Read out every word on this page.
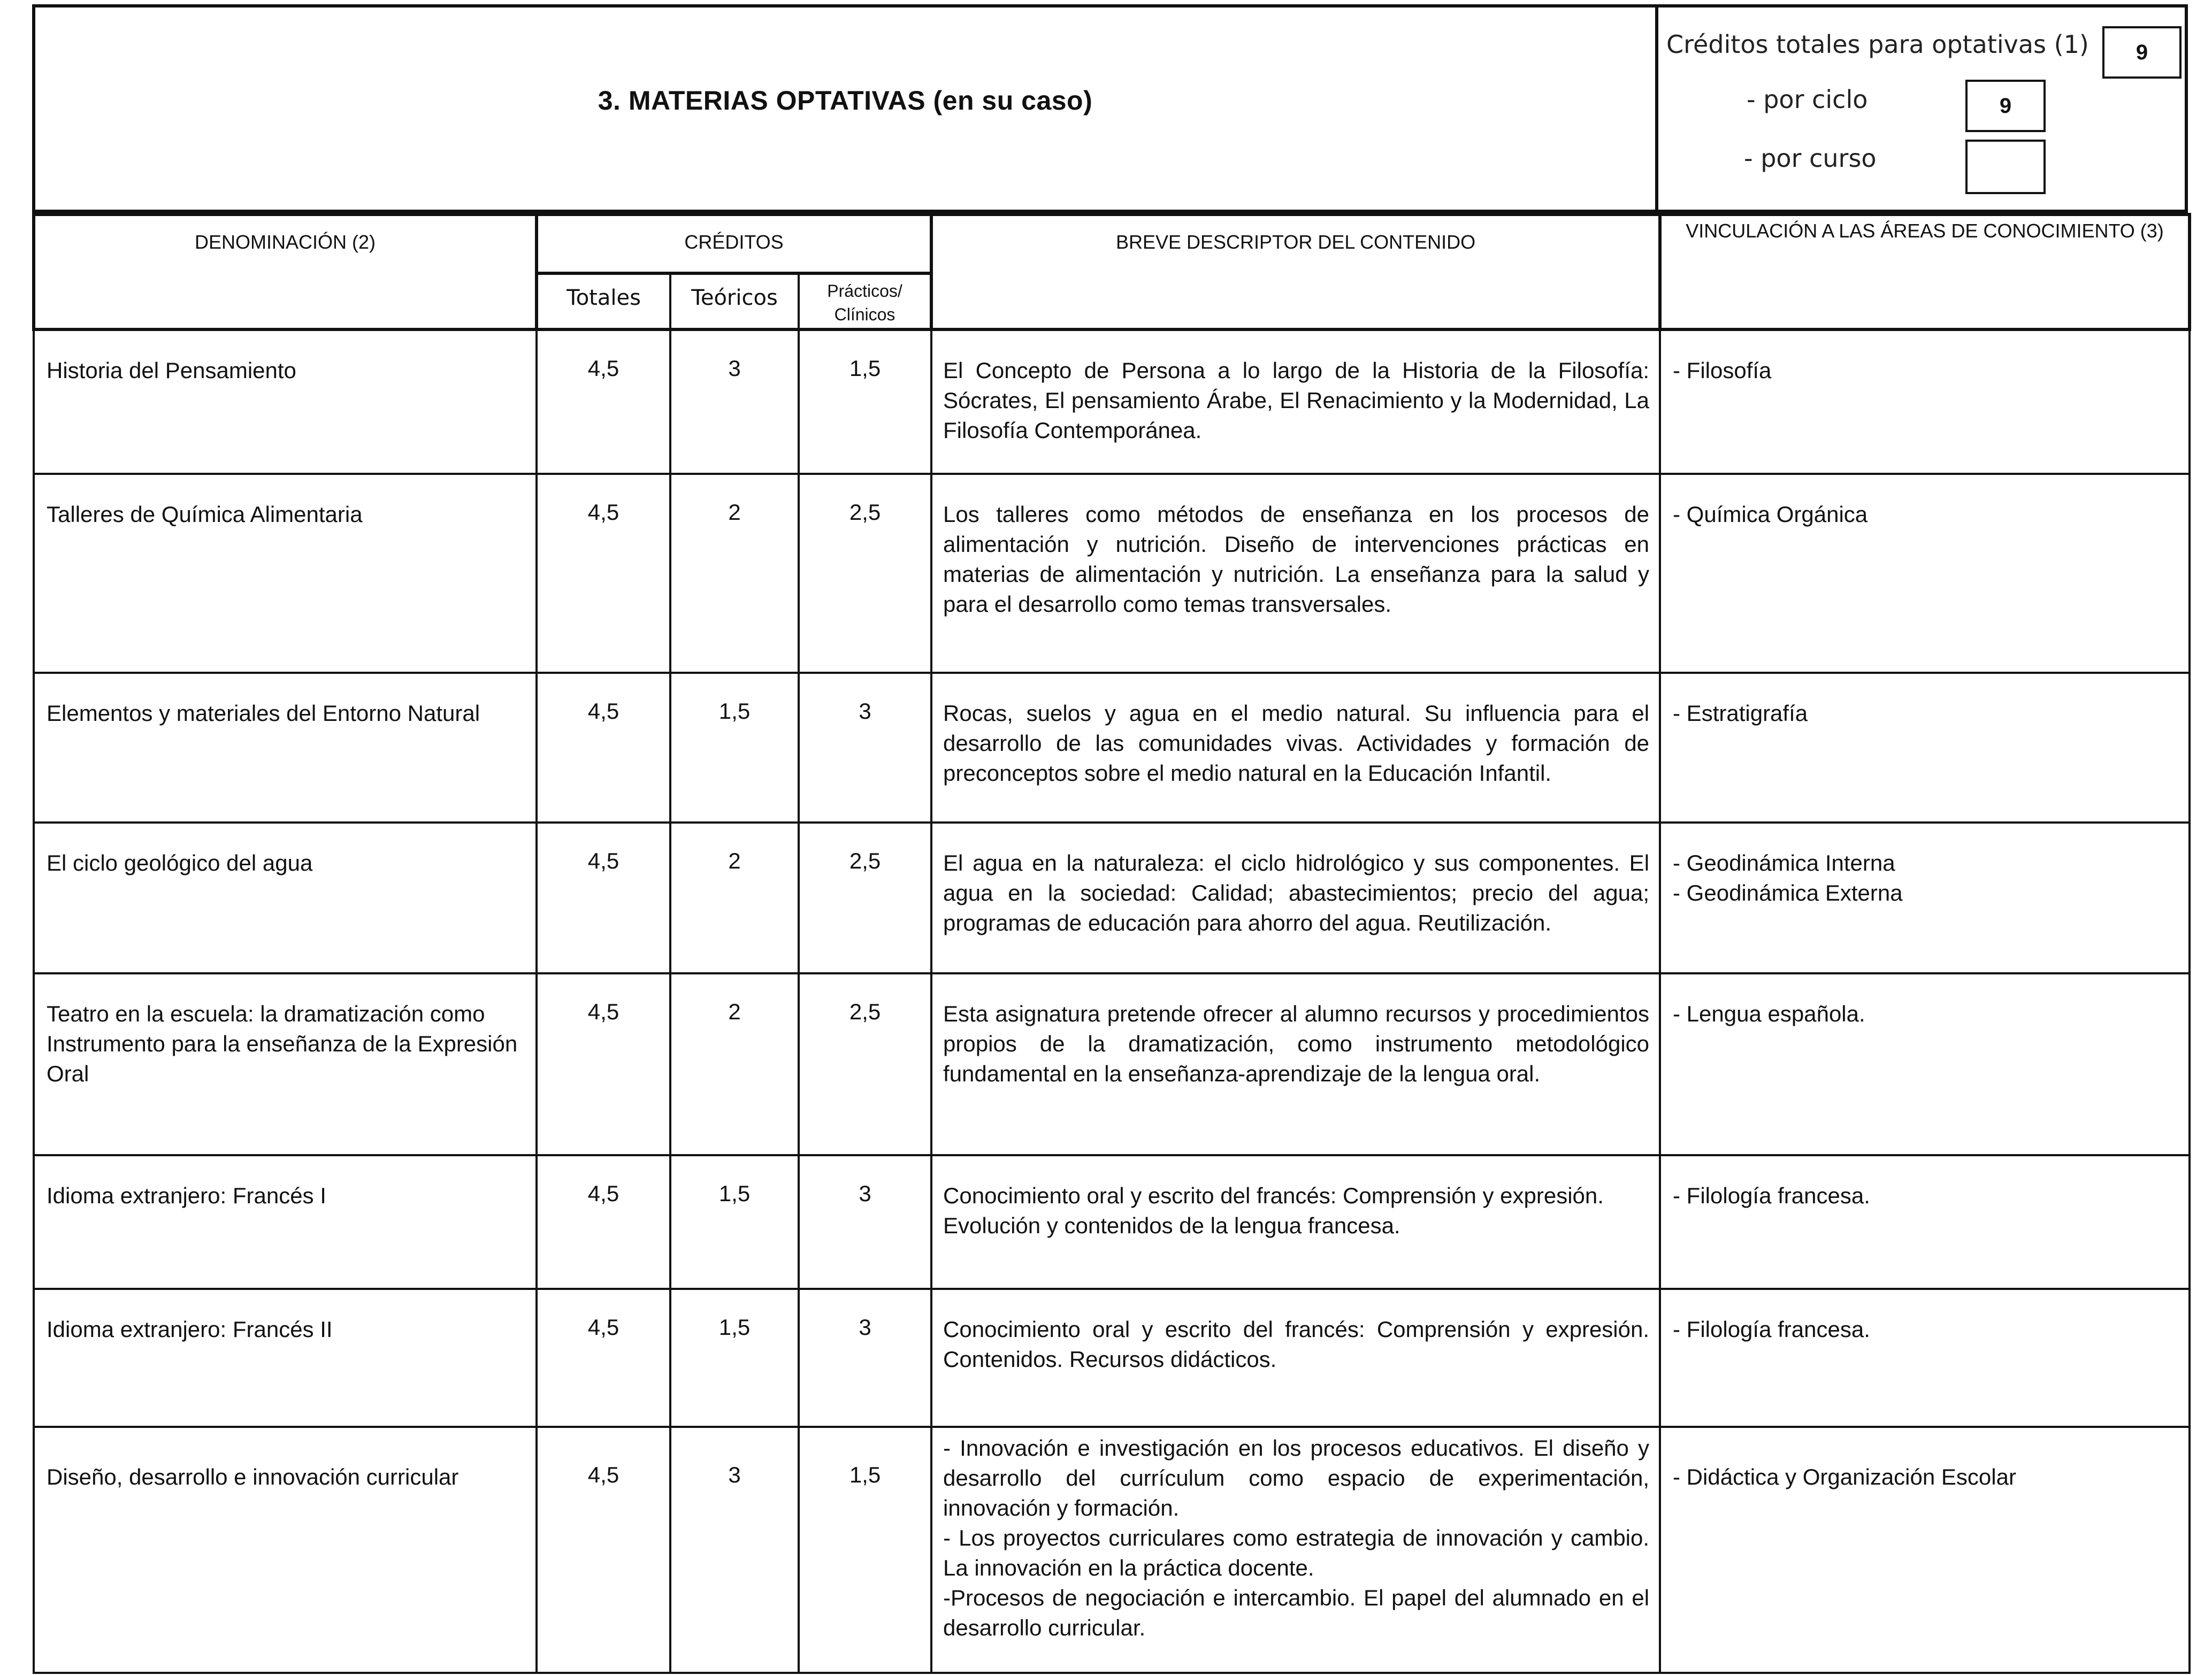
3. MATERIAS OPTATIVAS (en su caso)
Créditos totales para optativas (1)	9
- por ciclo	9
- por curso
DENOMINACIÓN (2)	CRÉDITOS			BREVE DESCRIPTOR DEL CONTENIDO	VINCULACIÓN A LAS ÁREAS DE CONOCIMIENTO (3)
	Totales	Teóricos	Prácticos/ Clínicos		
Historia del Pensamiento	4,5	3	1,5	El Concepto de Persona a lo largo de la Historia de la Filosofía: Sócrates, El pensamiento Árabe, El Renacimiento y la Modernidad, La Filosofía Contemporánea.	- Filosofía
Talleres de Química Alimentaria	4,5	2	2,5	Los talleres como métodos de enseñanza en los procesos de alimentación y nutrición. Diseño de intervenciones prácticas en materias de alimentación y nutrición. La enseñanza para la salud y para el desarrollo como temas transversales.	- Química Orgánica
Elementos y materiales del Entorno Natural	4,5	1,5	3	Rocas, suelos y agua en el medio natural. Su influencia para el desarrollo de las comunidades vivas. Actividades y formación de preconceptos sobre el medio natural en la Educación Infantil.	- Estratigrafía
El ciclo geológico del agua	4,5	2	2,5	El agua en la naturaleza: el ciclo hidrológico y sus componentes. El agua en la sociedad: Calidad; abastecimientos; precio del agua; programas de educación para ahorro del agua. Reutilización.	- Geodinámica Interna
- Geodinámica Externa
Teatro en la escuela: la dramatización como Instrumento para la enseñanza de la Expresión Oral	4,5	2	2,5	Esta asignatura pretende ofrecer al alumno recursos y procedimientos propios de la dramatización, como instrumento metodológico fundamental en la enseñanza-aprendizaje de la lengua oral.	- Lengua española.
Idioma extranjero: Francés I	4,5	1,5	3	Conocimiento oral y escrito del francés: Comprensión y expresión.
Evolución y contenidos de la lengua francesa.	- Filología francesa.
Idioma extranjero: Francés II	4,5	1,5	3	Conocimiento oral y escrito del francés: Comprensión y expresión. Contenidos. Recursos didácticos.	- Filología francesa.
Diseño, desarrollo e innovación curricular	4,5	3	1,5	- Innovación e investigación en los procesos educativos. El diseño y desarrollo del currículum como espacio de experimentación, innovación y formación.
- Los proyectos curriculares como estrategia de innovación y cambio. La innovación en la práctica docente.
-Procesos de negociación e intercambio. El papel del alumnado en el desarrollo curricular.	- Didáctica y Organización Escolar
